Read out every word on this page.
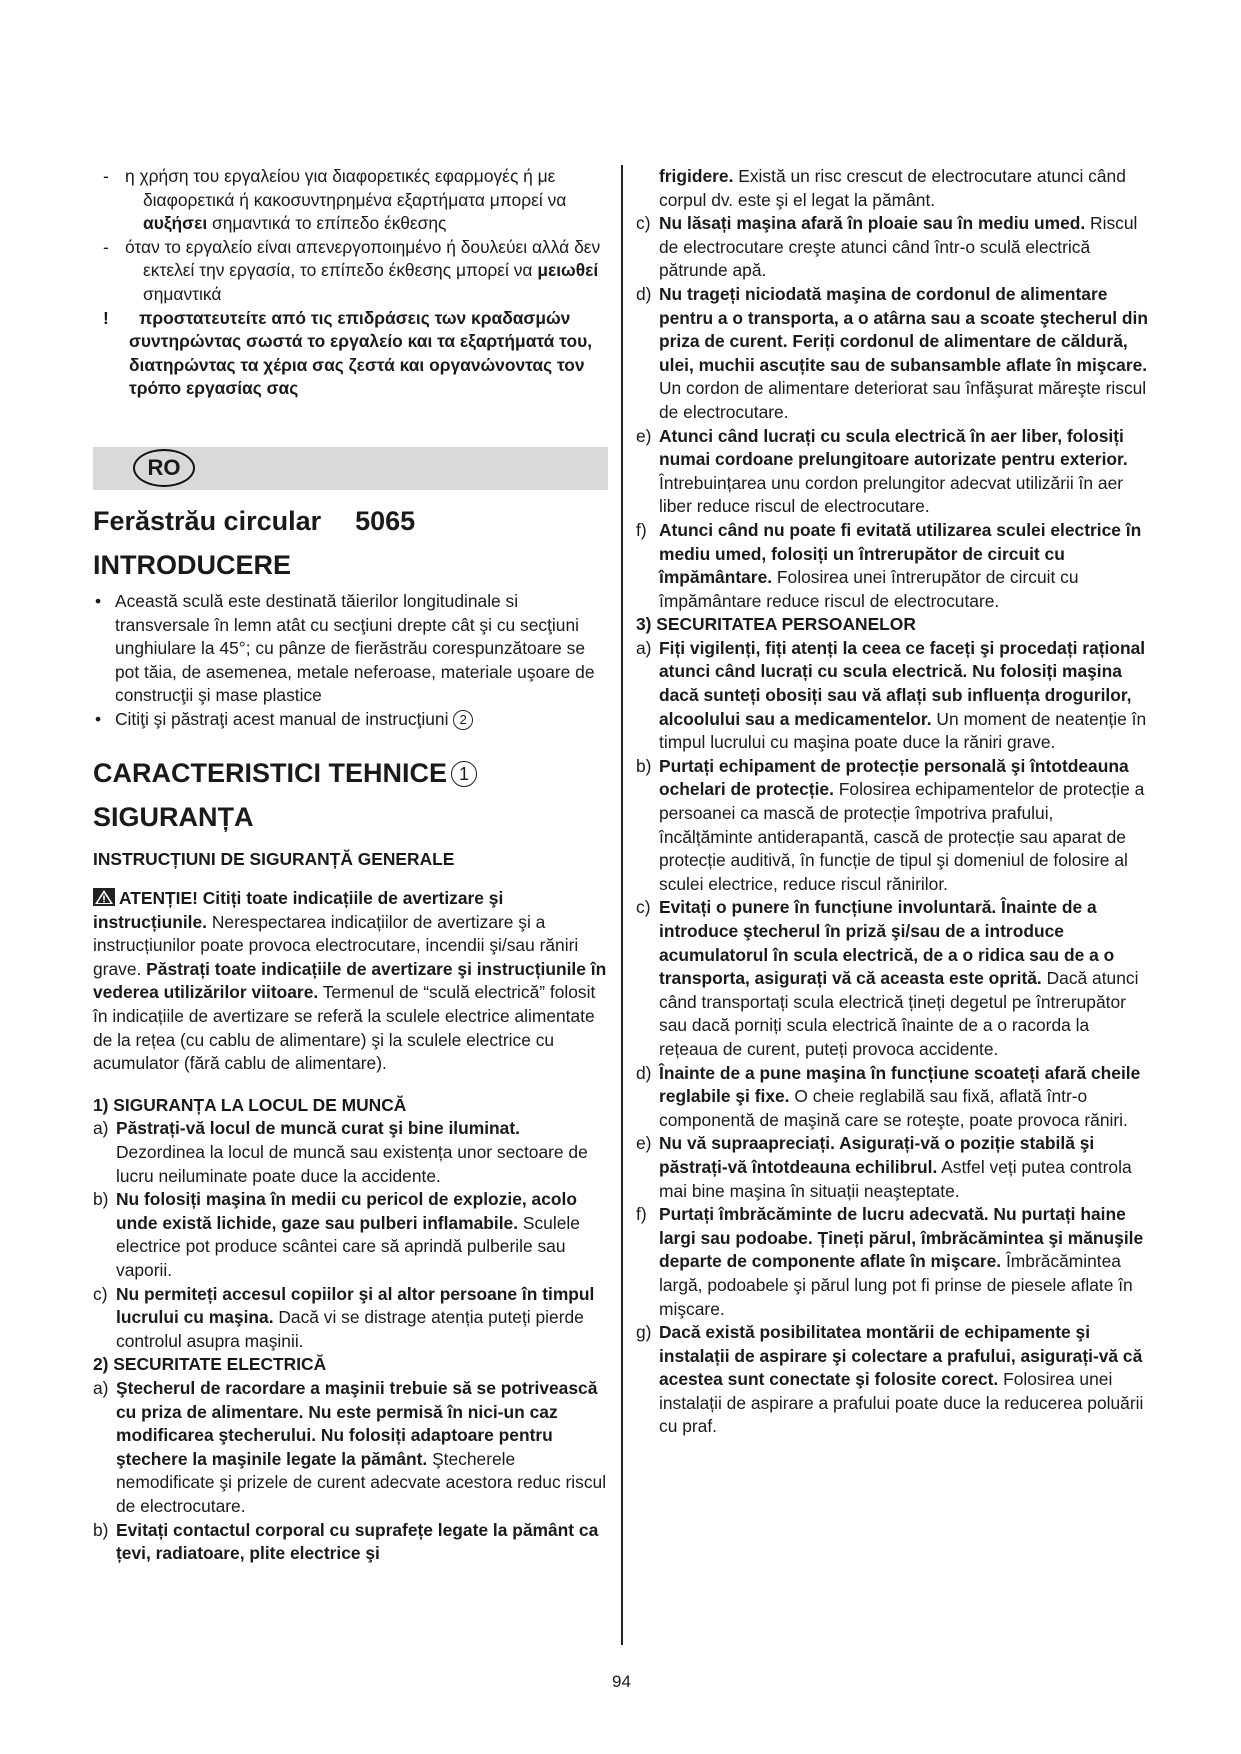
- η χρήση του εργαλείου για διαφορετικές εφαρμογές ή με διαφορετικά ή κακοσυντηρημένα εξαρτήματα μπορεί να αυξήσει σημαντικά το επίπεδο έκθεσης
- όταν το εργαλείο είναι απενεργοποιημένο ή δουλεύει αλλά δεν εκτελεί την εργασία, το επίπεδο έκθεσης μπορεί να μειωθεί σημαντικά
!	προστατευτείτε από τις επιδράσεις των κραδασμών συντηρώντας σωστά το εργαλείο και τα εξαρτήματά του, διατηρώντας τα χέρια σας ζεστά και οργανώνοντας τον τρόπο εργασίας σας
RO
Ferăstrău circular 5065
INTRODUCERE
• Această sculă este destinată tăierilor longitudinale si transversale în lemn atât cu secţiuni drepte cât şi cu secţiuni unghiulare la 45°; cu pânze de fierăstrău corespunzătoare se pot tăia, de asemenea, metale neferoase, materiale uşoare de construcţii şi mase plastice
• Citiţi şi păstraţi acest manual de instrucţiuni 2
CARACTERISTICI TEHNICE 1
SIGURANȚA
INSTRUCȚIUNI DE SIGURANȚĂ GENERALE
ATENȚIE! Citiți toate indicațiile de avertizare şi instrucțiunile. Nerespectarea indicațiilor de avertizare şi a instrucțiunilor poate provoca electrocutare, incendii şi/sau răniri grave. Păstrați toate indicațiile de avertizare şi instrucțiunile în vederea utilizărilor viitoare. Termenul de “sculă electrică” folosit în indicațiile de avertizare se referă la sculele electrice alimentate de la rețea (cu cablu de alimentare) şi la sculele electrice cu acumulator (fără cablu de alimentare).
1) SIGURANȚA LA LOCUL DE MUNCĂ
a) Păstrați-vă locul de muncă curat şi bine iluminat. Dezordinea la locul de muncă sau existența unor sectoare de lucru neiluminate poate duce la accidente.
b) Nu folosiți maşina în medii cu pericol de explozie, acolo unde există lichide, gaze sau pulberi inflamabile. Sculele electrice pot produce scântei care să aprindă pulberile sau vaporii.
c) Nu permiteți accesul copiilor şi al altor persoane în timpul lucrului cu maşina. Dacă vi se distrage atenția puteți pierde controlul asupra maşinii.
2) SECURITATE ELECTRICĂ
a) Ştecherul de racordare a maşinii trebuie să se potrivească cu priza de alimentare. Nu este permisă în nici-un caz modificarea ştecherului. Nu folosiți adaptoare pentru ştechere la maşinile legate la pământ. Ştecherele nemodificate şi prizele de curent adecvate acestora reduc riscul de electrocutare.
b) Evitați contactul corporal cu suprafețe legate la pământ ca țevi, radiatoare, plite electrice şi
frigidere. Există un risc crescut de electrocutare atunci când corpul dv. este şi el legat la pământ.
c) Nu lăsați maşina afară în ploaie sau în mediu umed. Riscul de electrocutare creşte atunci când într-o sculă electrică pătrunde apă.
d) Nu trageți niciodată maşina de cordonul de alimentare pentru a o transporta, a o atârna sau a scoate ştecherul din priza de curent. Feriți cordonul de alimentare de căldură, ulei, muchii ascuțite sau de subansamble aflate în mişcare. Un cordon de alimentare deteriorat sau înfăşurat măreşte riscul de electrocutare.
e) Atunci când lucrați cu scula electrică în aer liber, folosiți numai cordoane prelungitoare autorizate pentru exterior. Întrebuințarea unu cordon prelungitor adecvat utilizării în aer liber reduce riscul de electrocutare.
f) Atunci când nu poate fi evitată utilizarea sculei electrice în mediu umed, folosiți un întrerupător de circuit cu împământare. Folosirea unei întrerupător de circuit cu împământare reduce riscul de electrocutare.
3) SECURITATEA PERSOANELOR
a) Fiți vigilenți, fiți atenți la ceea ce faceți şi procedați rațional atunci când lucrați cu scula electrică. Nu folosiți maşina dacă sunteți obosiți sau vă aflați sub influența drogurilor, alcoolului sau a medicamentelor. Un moment de neatenție în timpul lucrului cu maşina poate duce la răniri grave.
b) Purtați echipament de protecție personală şi întotdeauna ochelari de protecție. Folosirea echipamentelor de protecție a persoanei ca mască de protecție împotriva prafului, încălțăminte antiderapantă, cască de protecție sau aparat de protecție auditivă, în funcție de tipul şi domeniul de folosire al sculei electrice, reduce riscul rănirilor.
c) Evitați o punere în funcțiune involuntară. Înainte de a introduce ştecherul în priză şi/sau de a introduce acumulatorul în scula electrică, de a o ridica sau de a o transporta, asigurați vă că aceasta este oprită. Dacă atunci când transportați scula electrică țineți degetul pe întrerupător sau dacă porniți scula electrică înainte de a o racorda la rețeaua de curent, puteți provoca accidente.
d) Înainte de a pune maşina în funcțiune scoateți afară cheile reglabile şi fixe. O cheie reglabilă sau fixă, aflată într-o componentă de maşină care se roteşte, poate provoca răniri.
e) Nu vă supraapreciați. Asigurați-vă o poziție stabilă şi păstrați-vă întotdeauna echilibrul. Astfel veți putea controla mai bine maşina în situații neaşteptate.
f) Purtați îmbrăcăminte de lucru adecvată. Nu purtați haine largi sau podoabe. Țineți părul, îmbrăcămintea şi mănuşile departe de componente aflate în mişcare. Îmbrăcămintea largă, podoabele şi părul lung pot fi prinse de piesele aflate în mişcare.
g) Dacă există posibilitatea montării de echipamente şi instalații de aspirare şi colectare a prafului, asigurați-vă că acestea sunt conectate şi folosite corect. Folosirea unei instalații de aspirare a prafului poate duce la reducerea poluării cu praf.
94
